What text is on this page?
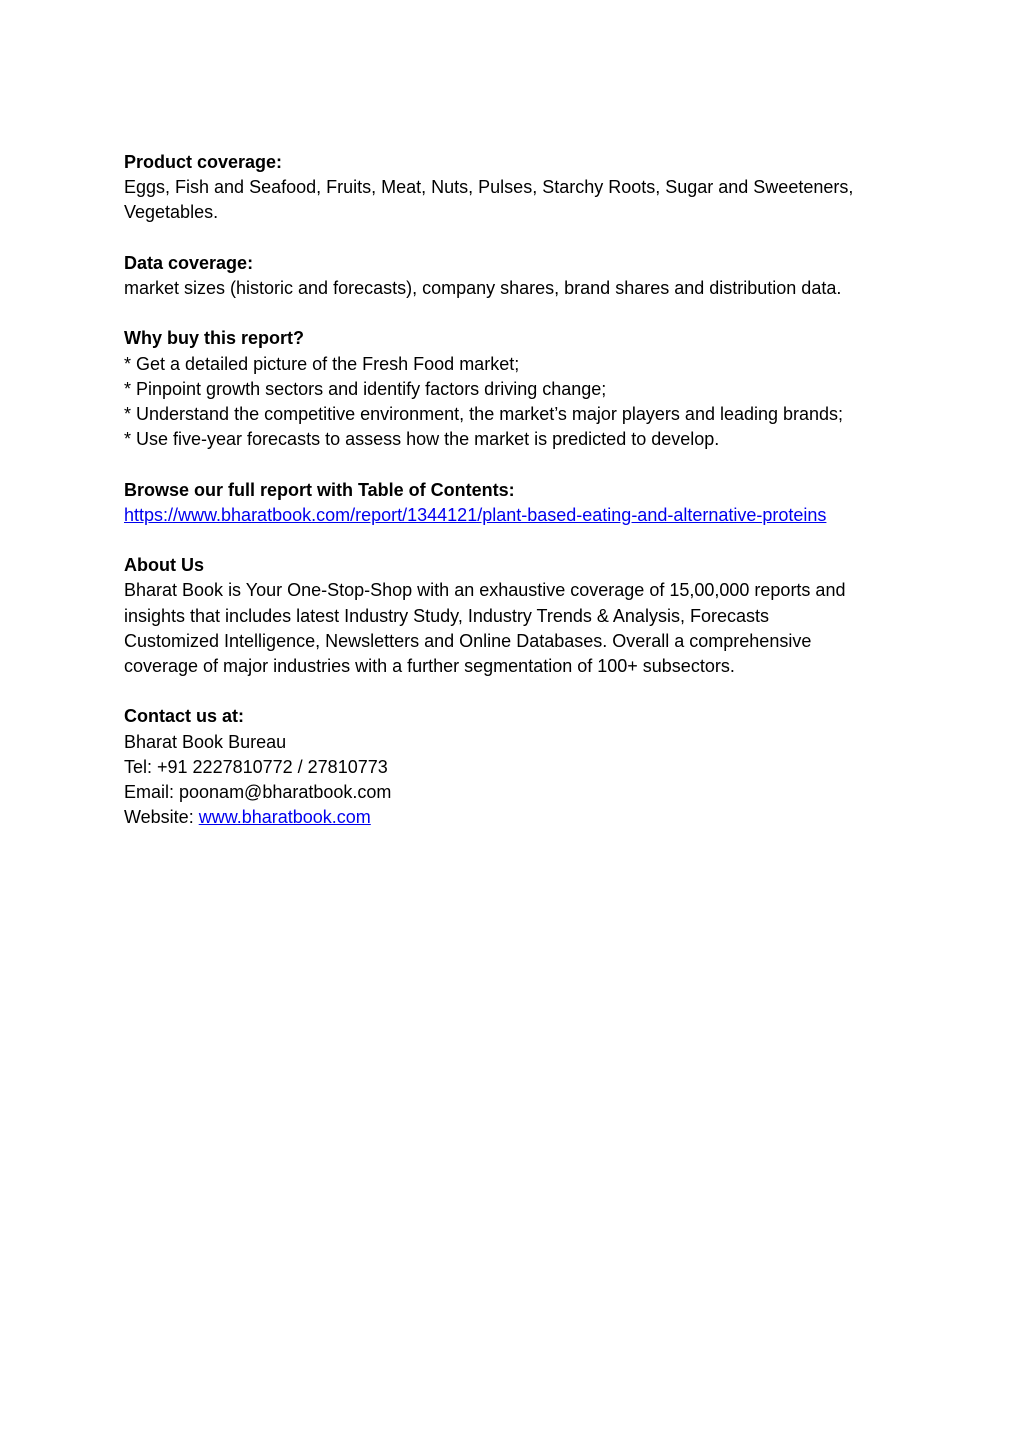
Product coverage:
Eggs, Fish and Seafood, Fruits, Meat, Nuts, Pulses, Starchy Roots, Sugar and Sweeteners,
Vegetables.
Data coverage:
market sizes (historic and forecasts), company shares, brand shares and distribution data.
Why buy this report?
* Get a detailed picture of the Fresh Food market;
* Pinpoint growth sectors and identify factors driving change;
* Understand the competitive environment, the market’s major players and leading brands;
* Use five-year forecasts to assess how the market is predicted to develop.
Browse our full report with Table of Contents:
https://www.bharatbook.com/report/1344121/plant-based-eating-and-alternative-proteins
About Us
Bharat Book is Your One-Stop-Shop with an exhaustive coverage of 15,00,000 reports and
insights that includes latest Industry Study, Industry Trends & Analysis, Forecasts
Customized Intelligence, Newsletters and Online Databases. Overall a comprehensive
coverage of major industries with a further segmentation of 100+ subsectors.
Contact us at:
Bharat Book Bureau
Tel: +91 2227810772 / 27810773
Email: poonam@bharatbook.com
Website: www.bharatbook.com
